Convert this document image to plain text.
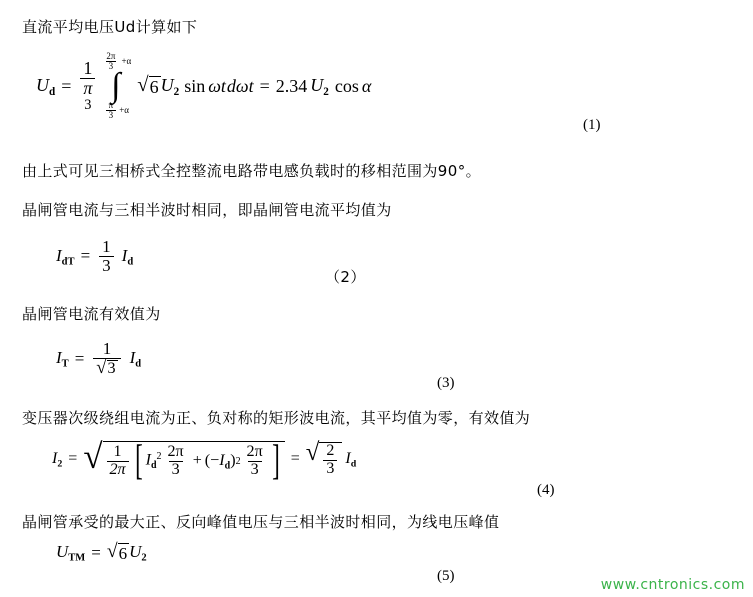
直流平均电压Ud计算如下
$U_d$ =
1
π
3
$\frac{2\pi}{3} +\alpha$
∫
$\frac{\pi}{3} +\alpha$
√ 6 $U_2$ sin ωt dωt = 2.34 $U_2$ cos α
(1)
由上式可见三相桥式全控整流电路带电感负载时的移相范围为90°。
晶闸管电流与三相半波时相同，即晶闸管电流平均值为
$I_{dT} = \frac{1}{3} I_d$
（2）
晶闸管电流有效值为
$I_T = \frac{1}{√ 3} I_d$
(3)
变压器次级绕组电流为正、负对称的矩形波电流，其平均值为零，有效值为
$I_2$ = √ $\frac{1}{2\pi}$ [ $I_d^2 \frac{2\pi}{3}$ + ( − $I_d$ ) $2 \frac{2\pi}{3}$ ] = √ $\frac{2}{3} I_d$
(4)
晶闸管承受的最大正、反向峰值电压与三相半波时相同，为线电压峰值
$U_{TM}$ = √ 6 $U_2$
(5)
www.cntronics.com
